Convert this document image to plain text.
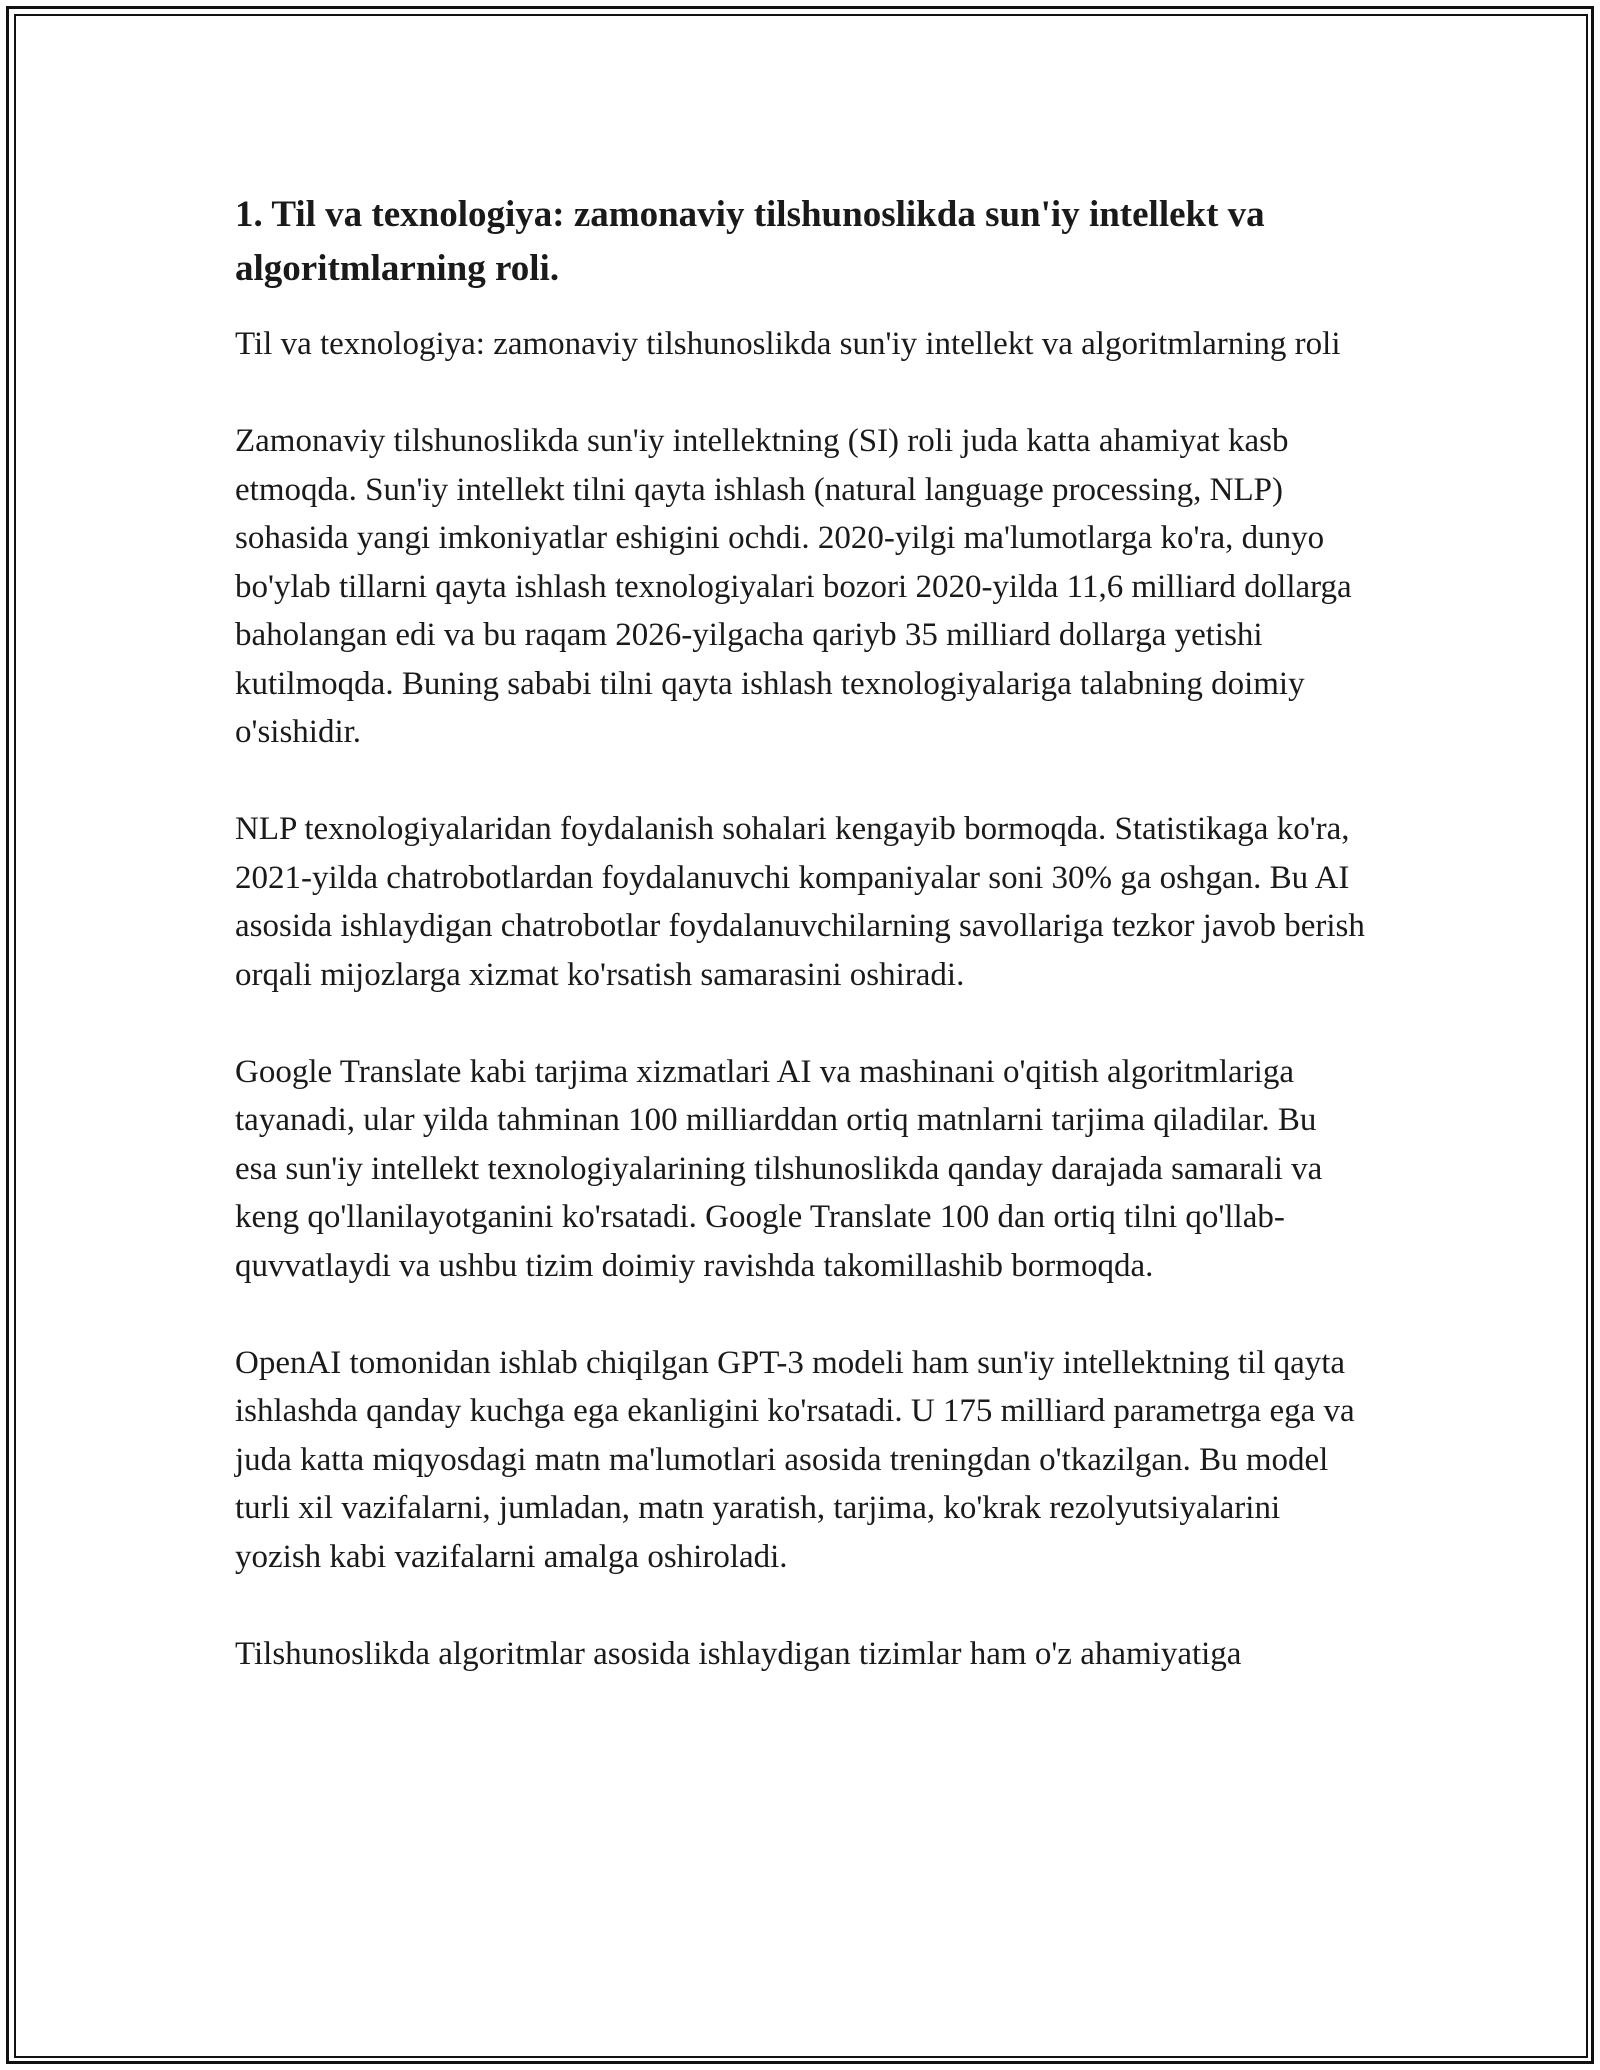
1. Til va texnologiya: zamonaviy tilshunoslikda sun'iy intellekt va algoritmlarning roli.

Til va texnologiya: zamonaviy tilshunoslikda sun'iy intellekt va algoritmlarning roli

Zamonaviy tilshunoslikda sun'iy intellektning (SI) roli juda katta ahamiyat kasb etmoqda. Sun'iy intellekt tilni qayta ishlash (natural language processing, NLP) sohasida yangi imkoniyatlar eshigini ochdi. 2020-yilgi ma'lumotlarga ko'ra, dunyo bo'ylab tillarni qayta ishlash texnologiyalari bozori 2020-yilda 11,6 milliard dollarga baholangan edi va bu raqam 2026-yilgacha qariyb 35 milliard dollarga yetishi kutilmoqda. Buning sababi tilni qayta ishlash texnologiyalariga talabning doimiy o'sishidir.

NLP texnologiyalaridan foydalanish sohalari kengayib bormoqda. Statistikaga ko'ra, 2021-yilda chatrobotlardan foydalanuvchi kompaniyalar soni 30% ga oshgan. Bu AI asosida ishlaydigan chatrobotlar foydalanuvchilarning savollariga tezkor javob berish orqali mijozlarga xizmat ko'rsatish samarasini oshiradi.

Google Translate kabi tarjima xizmatlari AI va mashinani o'qitish algoritmlariga tayanadi, ular yilda tahminan 100 milliarddan ortiq matnlarni tarjima qiladilar. Bu esa sun'iy intellekt texnologiyalarining tilshunoslikda qanday darajada samarali va keng qo'llanilayotganini ko'rsatadi. Google Translate 100 dan ortiq tilni qo'llab-quvvatlaydi va ushbu tizim doimiy ravishda takomillashib bormoqda.

OpenAI tomonidan ishlab chiqilgan GPT-3 modeli ham sun'iy intellektning til qayta ishlashda qanday kuchga ega ekanligini ko'rsatadi. U 175 milliard parametrga ega va juda katta miqyosdagi matn ma'lumotlari asosida treningdan o'tkazilgan. Bu model turli xil vazifalarni, jumladan, matn yaratish, tarjima, ko'krak rezolyutsiyalarini yozish kabi vazifalarni amalga oshiroladi.

Tilshunoslikda algoritmlar asosida ishlaydigan tizimlar ham o'z ahamiyatiga
